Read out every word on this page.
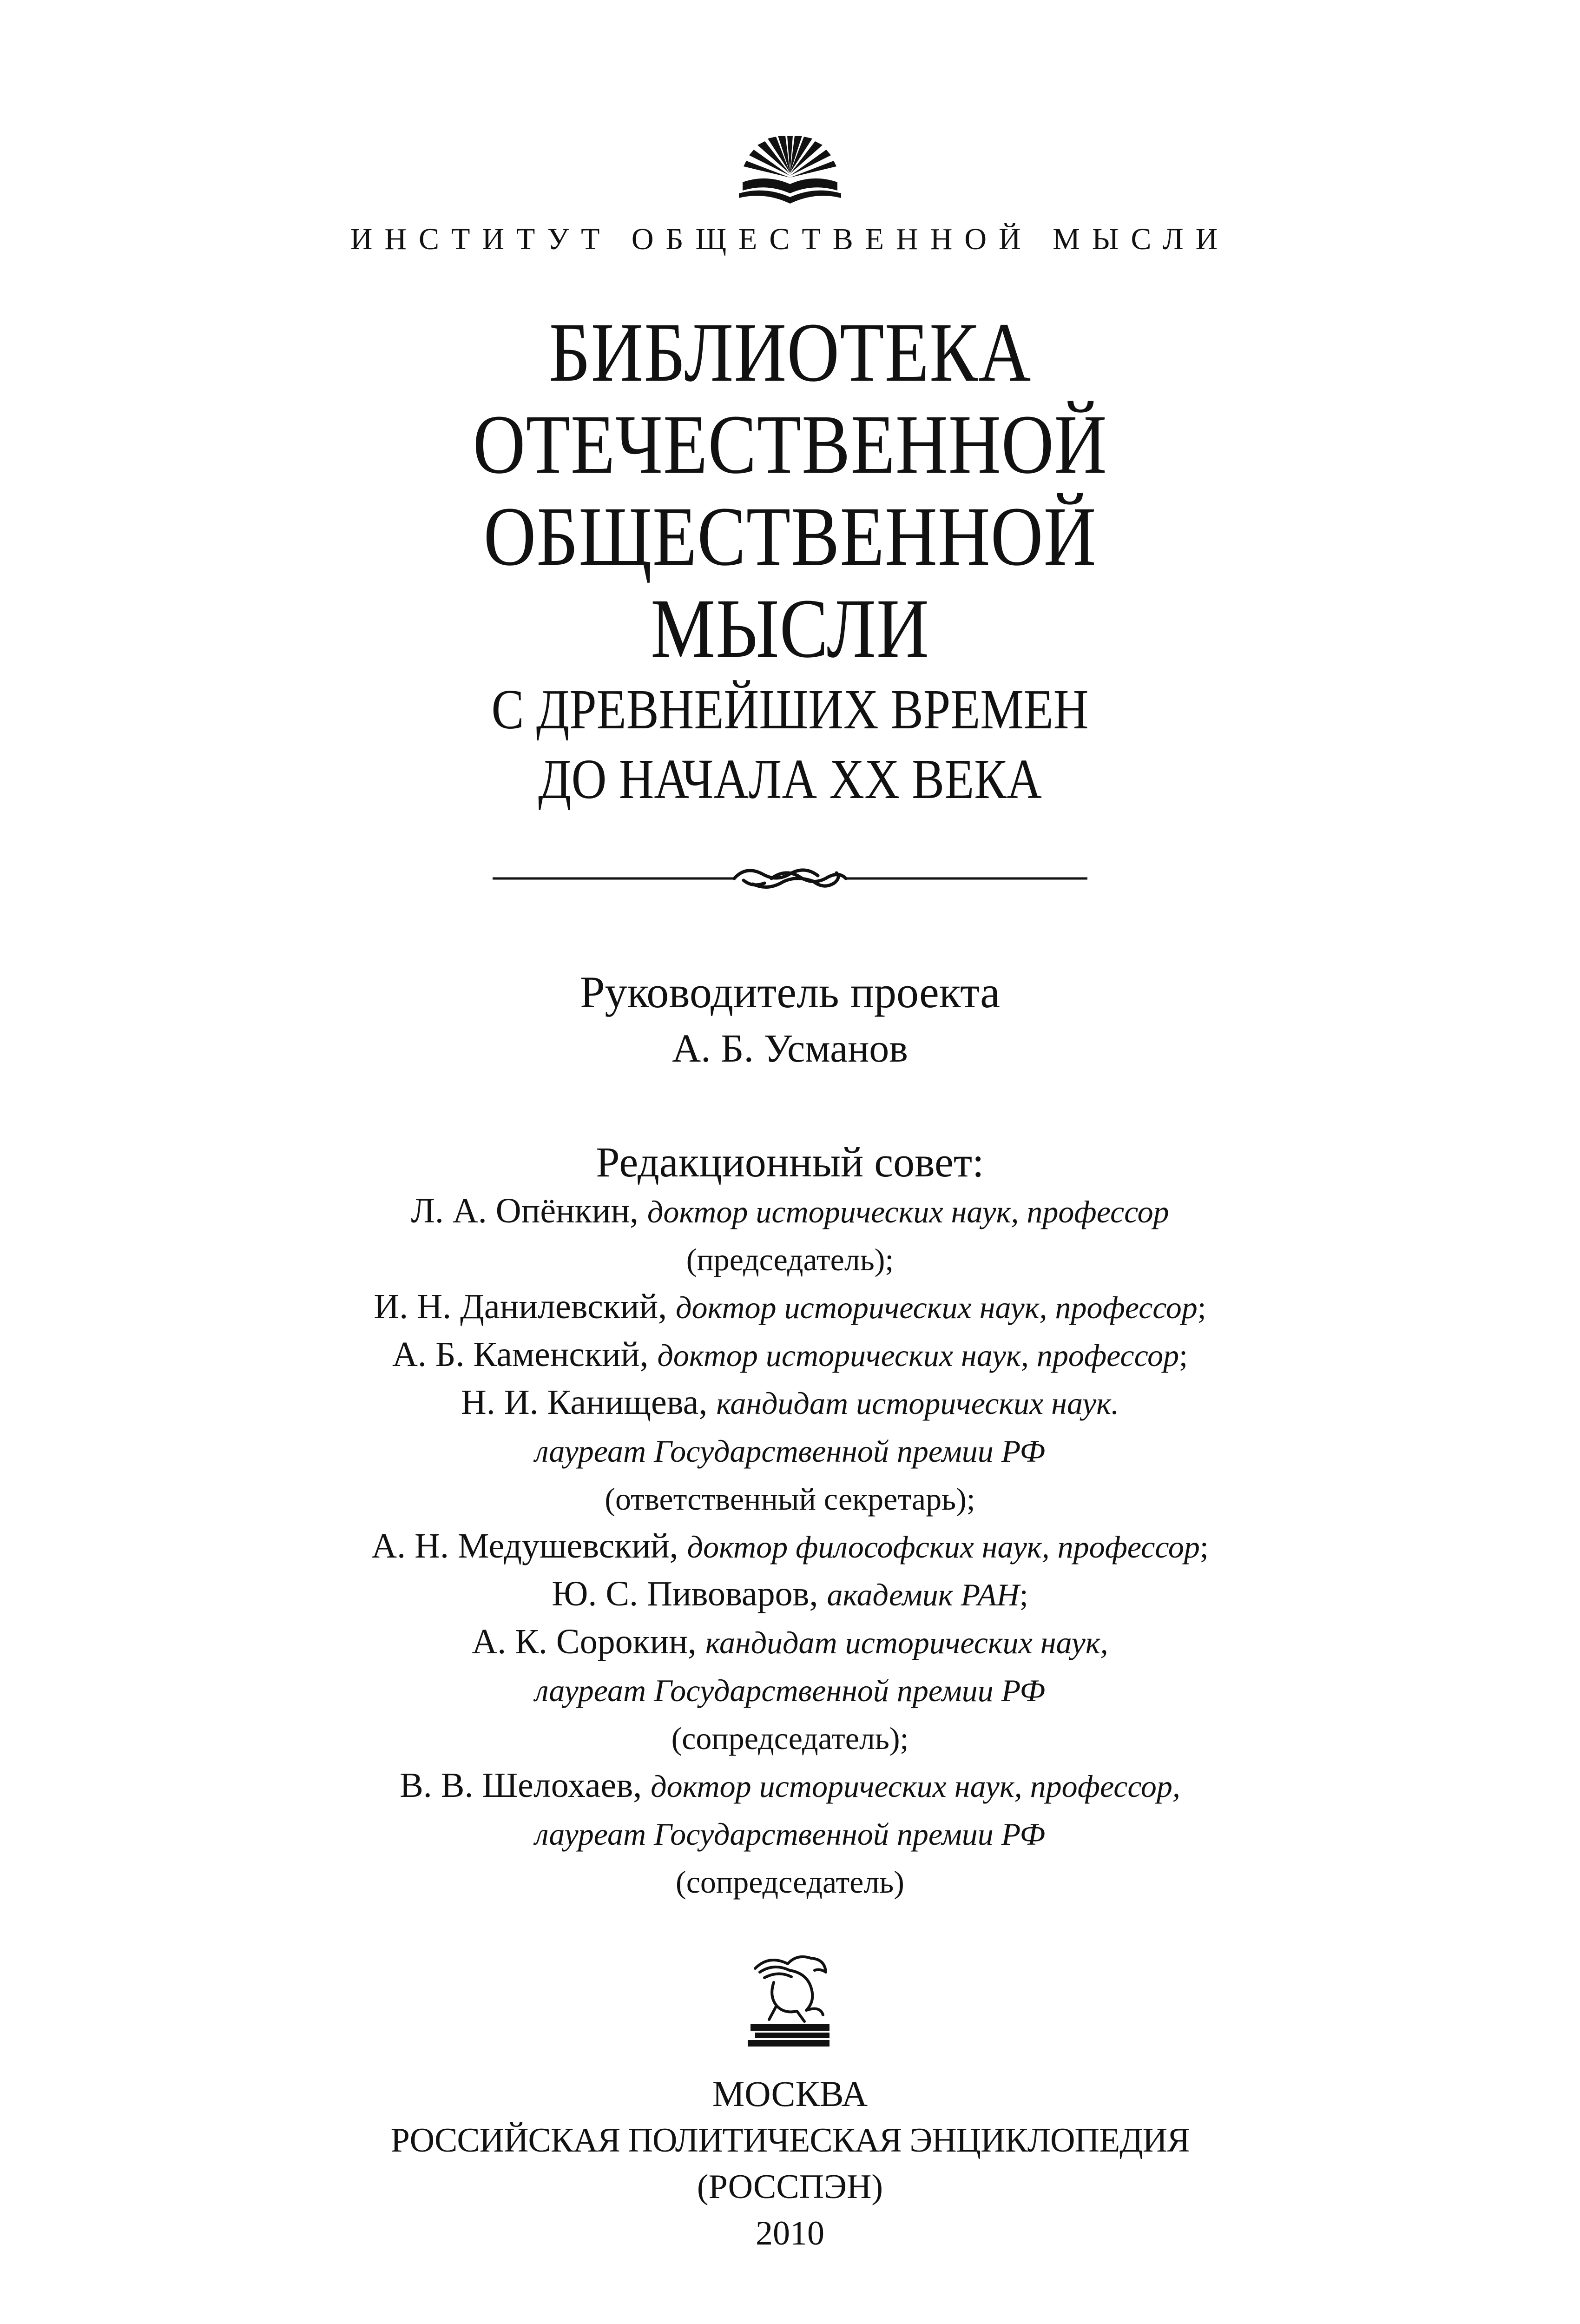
ИНСТИТУТ ОБЩЕСТВЕННОЙ МЫСЛИ
БИБЛИОТЕКА
ОТЕЧЕСТВЕННОЙ
ОБЩЕСТВЕННОЙ
МЫСЛИ
С ДРЕВНЕЙШИХ ВРЕМЕН
ДО НАЧАЛА XX ВЕКА
Руководитель проекта
А. Б. Усманов
Редакционный совет:
Л. А. Опёнкин, доктор исторических наук, профессор
(председатель);
И. Н. Данилевский, доктор исторических наук, профессор;
А. Б. Каменский, доктор исторических наук, профессор;
Н. И. Канищева, кандидат исторических наук.
лауреат Государственной премии РФ
(ответственный секретарь);
А. Н. Медушевский, доктор философских наук, профессор;
Ю. С. Пивоваров, академик РАН;
А. К. Сорокин, кандидат исторических наук,
лауреат Государственной премии РФ
(сопредседатель);
В. В. Шелохаев, доктор исторических наук, профессор,
лауреат Государственной премии РФ
(сопредседатель)
МОСКВА
РОССИЙСКАЯ ПОЛИТИЧЕСКАЯ ЭНЦИКЛОПЕДИЯ
(РОССПЭН)
2010
